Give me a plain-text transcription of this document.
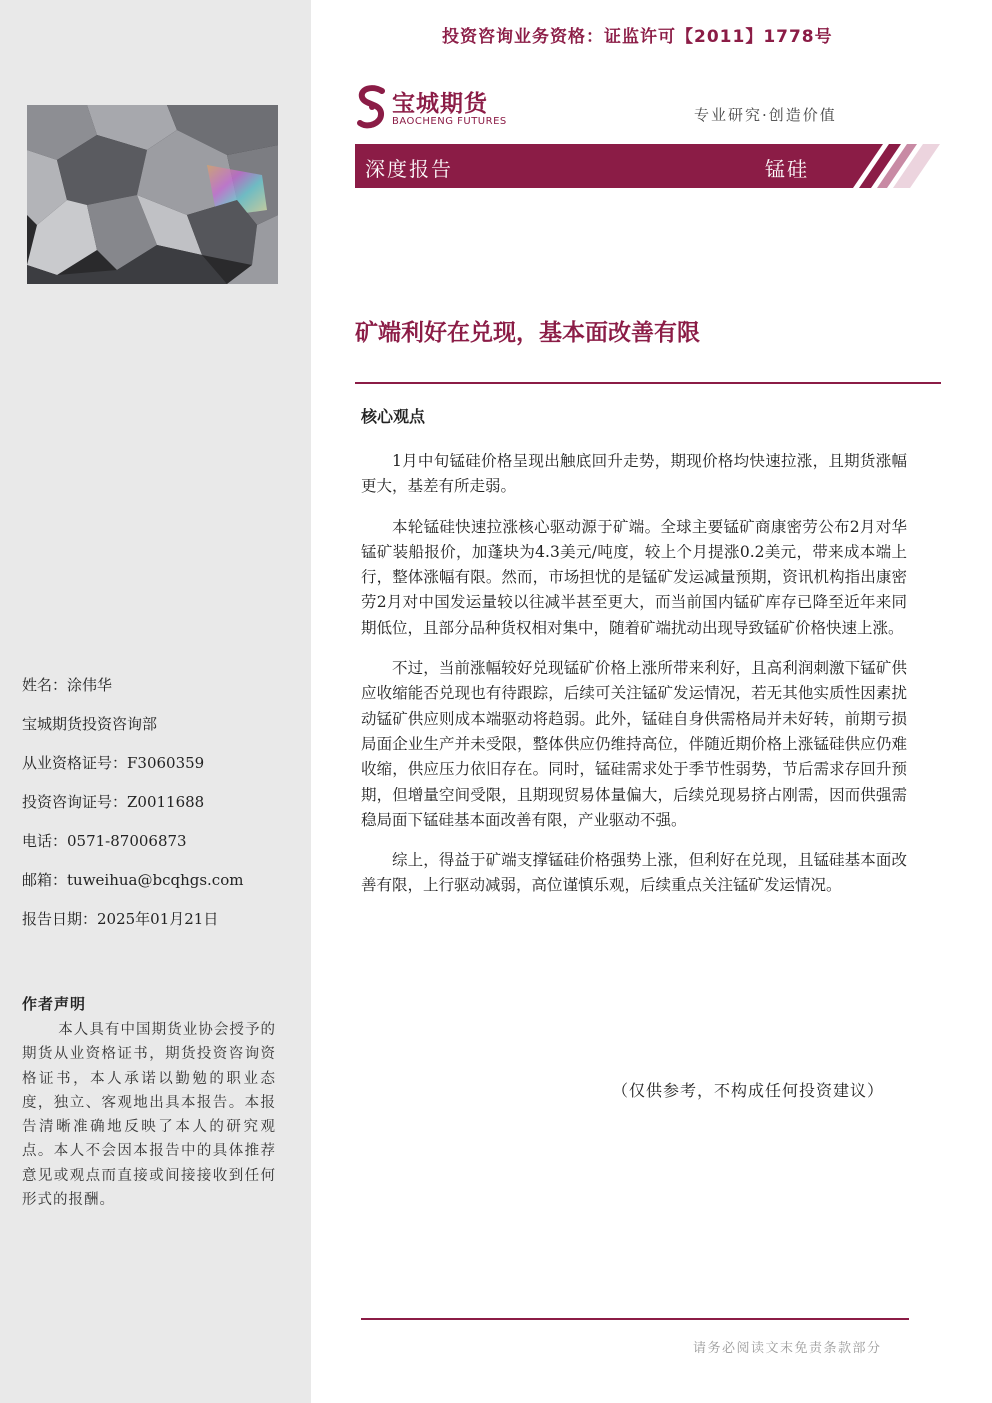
姓名：涂伟华
宝城期货投资咨询部
从业资格证号：F3060359
投资咨询证号：Z0011688
电话：0571-87006873
邮箱：tuweihua@bcqhgs.com
报告日期：2025年01月21日
作者声明
本人具有中国期货业协会授予的期货从业资格证书，期货投资咨询资格证书，本人承诺以勤勉的职业态度，独立、客观地出具本报告。本报告清晰准确地反映了本人的研究观点。本人不会因本报告中的具体推荐意见或观点而直接或间接接收到任何形式的报酬。
投资咨询业务资格：证监许可【2011】1778号
宝城期货
BAOCHENG FUTURES	专业研究·创造价值
深度报告	锰硅
矿端利好在兑现，基本面改善有限
核心观点

1月中旬锰硅价格呈现出触底回升走势，期现价格均快速拉涨，且期货涨幅更大，基差有所走弱。

本轮锰硅快速拉涨核心驱动源于矿端。全球主要锰矿商康密劳公布2月对华锰矿装船报价，加蓬块为4.3美元/吨度，较上个月提涨0.2美元，带来成本端上行，整体涨幅有限。然而，市场担忧的是锰矿发运减量预期，资讯机构指出康密劳2月对中国发运量较以往减半甚至更大，而当前国内锰矿库存已降至近年来同期低位，且部分品种货权相对集中，随着矿端扰动出现导致锰矿价格快速上涨。

不过，当前涨幅较好兑现锰矿价格上涨所带来利好，且高利润刺激下锰矿供应收缩能否兑现也有待跟踪，后续可关注锰矿发运情况，若无其他实质性因素扰动锰矿供应则成本端驱动将趋弱。此外，锰硅自身供需格局并未好转，前期亏损局面企业生产并未受限，整体供应仍维持高位，伴随近期价格上涨锰硅供应仍难收缩，供应压力依旧存在。同时，锰硅需求处于季节性弱势，节后需求存回升预期，但增量空间受限，且期现贸易体量偏大，后续兑现易挤占刚需，因而供强需稳局面下锰硅基本面改善有限，产业驱动不强。

综上，得益于矿端支撑锰硅价格强势上涨，但利好在兑现，且锰硅基本面改善有限，上行驱动减弱，高位谨慎乐观，后续重点关注锰矿发运情况。

（仅供参考，不构成任何投资建议）
请务必阅读文末免责条款部分
